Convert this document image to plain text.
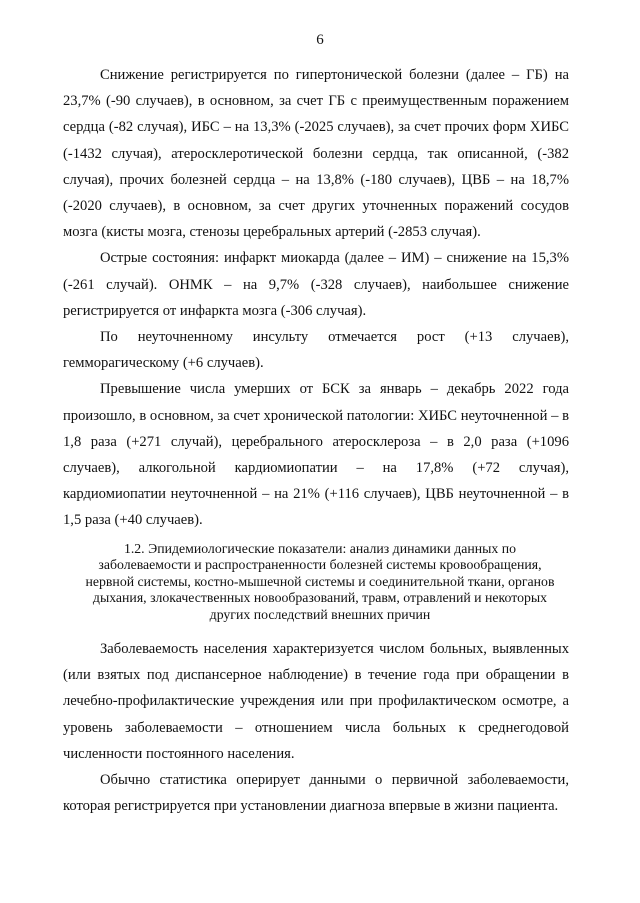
6

Снижение регистрируется по гипертонической болезни (далее – ГБ) на 23,7% (-90 случаев), в основном, за счет ГБ с преимущественным поражением сердца (-82 случая), ИБС – на 13,3% (-2025 случаев), за счет прочих форм ХИБС (-1432 случая), атеросклеротической болезни сердца, так описанной, (-382 случая), прочих болезней сердца – на 13,8% (-180 случаев), ЦВБ – на 18,7% (-2020 случаев), в основном, за счет других уточненных поражений сосудов мозга (кисты мозга, стенозы церебральных артерий (-2853 случая).

Острые состояния: инфаркт миокарда (далее – ИМ) – снижение на 15,3% (-261 случай). ОНМК – на 9,7% (-328 случаев), наибольшее снижение регистрируется от инфаркта мозга (-306 случая).

По неуточненному инсульту отмечается рост (+13 случаев), гемморагическому (+6 случаев).

Превышение числа умерших от БСК за январь – декабрь 2022 года произошло, в основном, за счет хронической патологии: ХИБС неуточненной – в 1,8 раза (+271 случай), церебрального атеросклероза – в 2,0 раза (+1096 случаев), алкогольной кардиомиопатии – на 17,8% (+72 случая), кардиомиопатии неуточненной – на 21% (+116 случаев), ЦВБ неуточненной – в 1,5 раза (+40 случаев).

1.2. Эпидемиологические показатели: анализ динамики данных по
заболеваемости и распространенности болезней системы кровообращения,
нервной системы, костно-мышечной системы и соединительной ткани, органов
дыхания, злокачественных новообразований, травм, отравлений и некоторых
других последствий внешних причин

Заболеваемость населения характеризуется числом больных, выявленных (или взятых под диспансерное наблюдение) в течение года при обращении в лечебно-профилактические учреждения или при профилактическом осмотре, а уровень заболеваемости – отношением числа больных к среднегодовой численности постоянного населения.

Обычно статистика оперирует данными о первичной заболеваемости, которая регистрируется при установлении диагноза впервые в жизни пациента.
